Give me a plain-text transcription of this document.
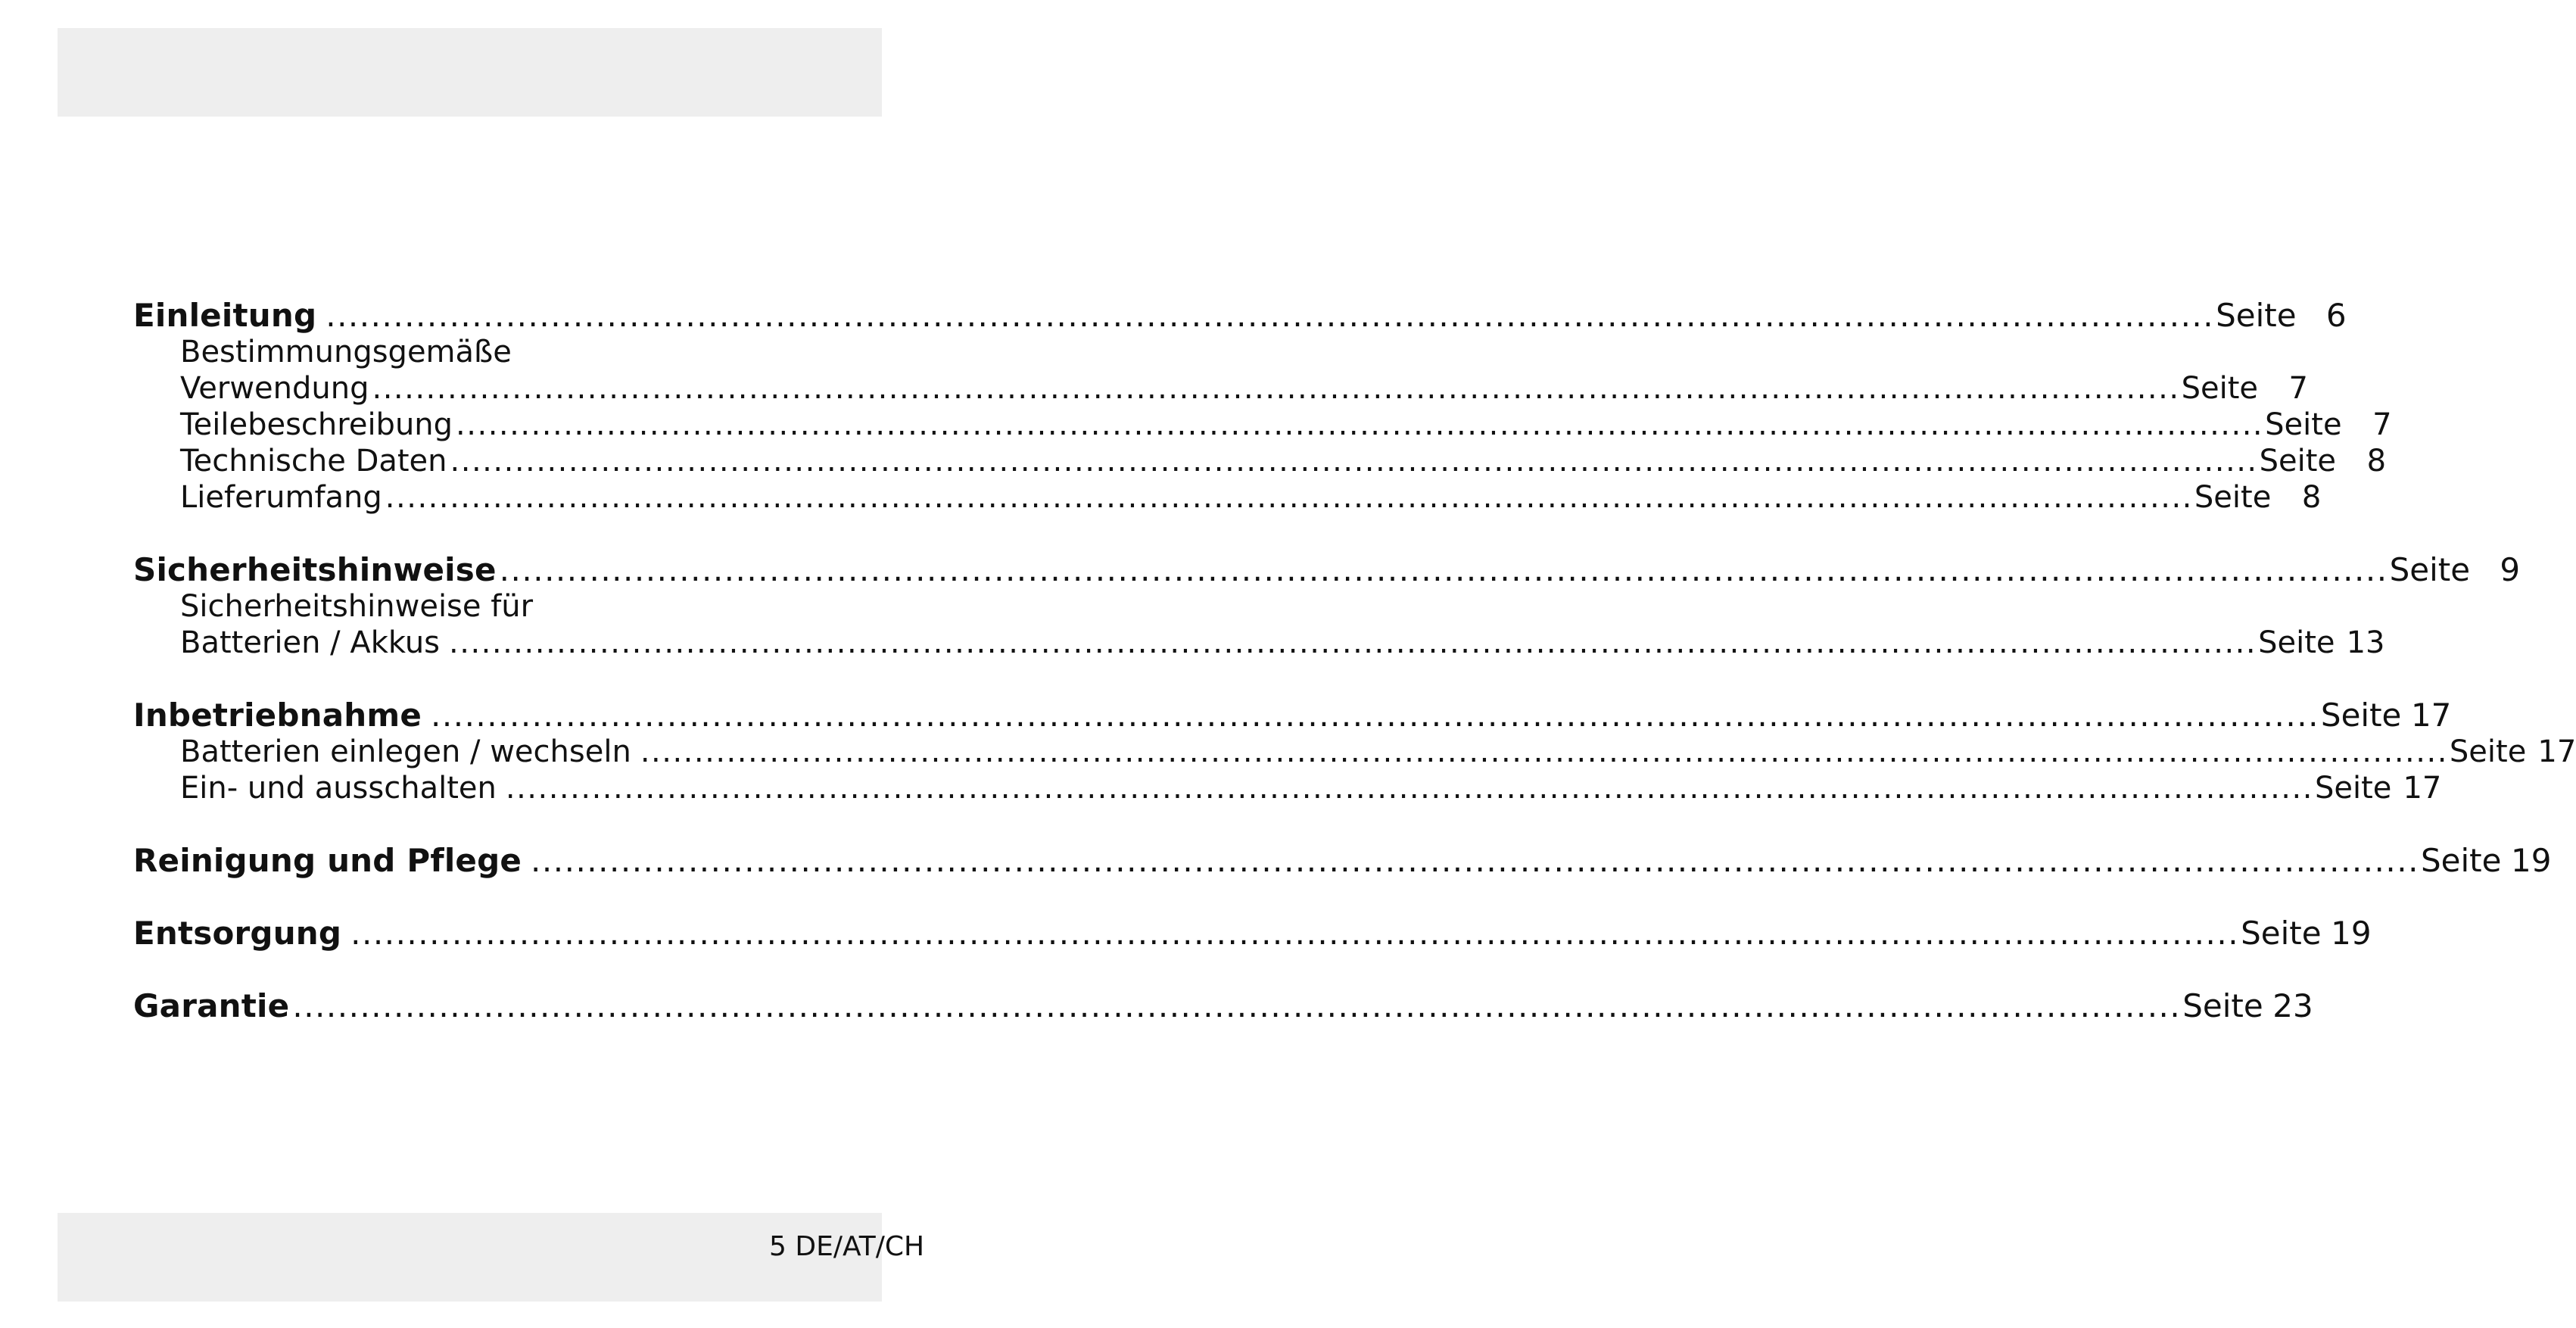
Einleitung ........................................................................................................................................................................ Seite 6
Bestimmungsgemäße
Verwendung ........................................................................................................................................................................ Seite 7
Teilebeschreibung ........................................................................................................................................................................ Seite 7
Technische Daten ........................................................................................................................................................................ Seite 8
Lieferumfang ........................................................................................................................................................................ Seite 8
Sicherheitshinweise ........................................................................................................................................................................ Seite 9
Sicherheitshinweise für
Batterien / Akkus ........................................................................................................................................................................ Seite 13
Inbetriebnahme ........................................................................................................................................................................ Seite 17
Batterien einlegen / wechseln ........................................................................................................................................................................ Seite 17
Ein- und ausschalten ........................................................................................................................................................................ Seite 17
Reinigung und Pflege ........................................................................................................................................................................ Seite 19
Entsorgung ........................................................................................................................................................................ Seite 19
Garantie ........................................................................................................................................................................ Seite 23
5 DE/AT/CH
